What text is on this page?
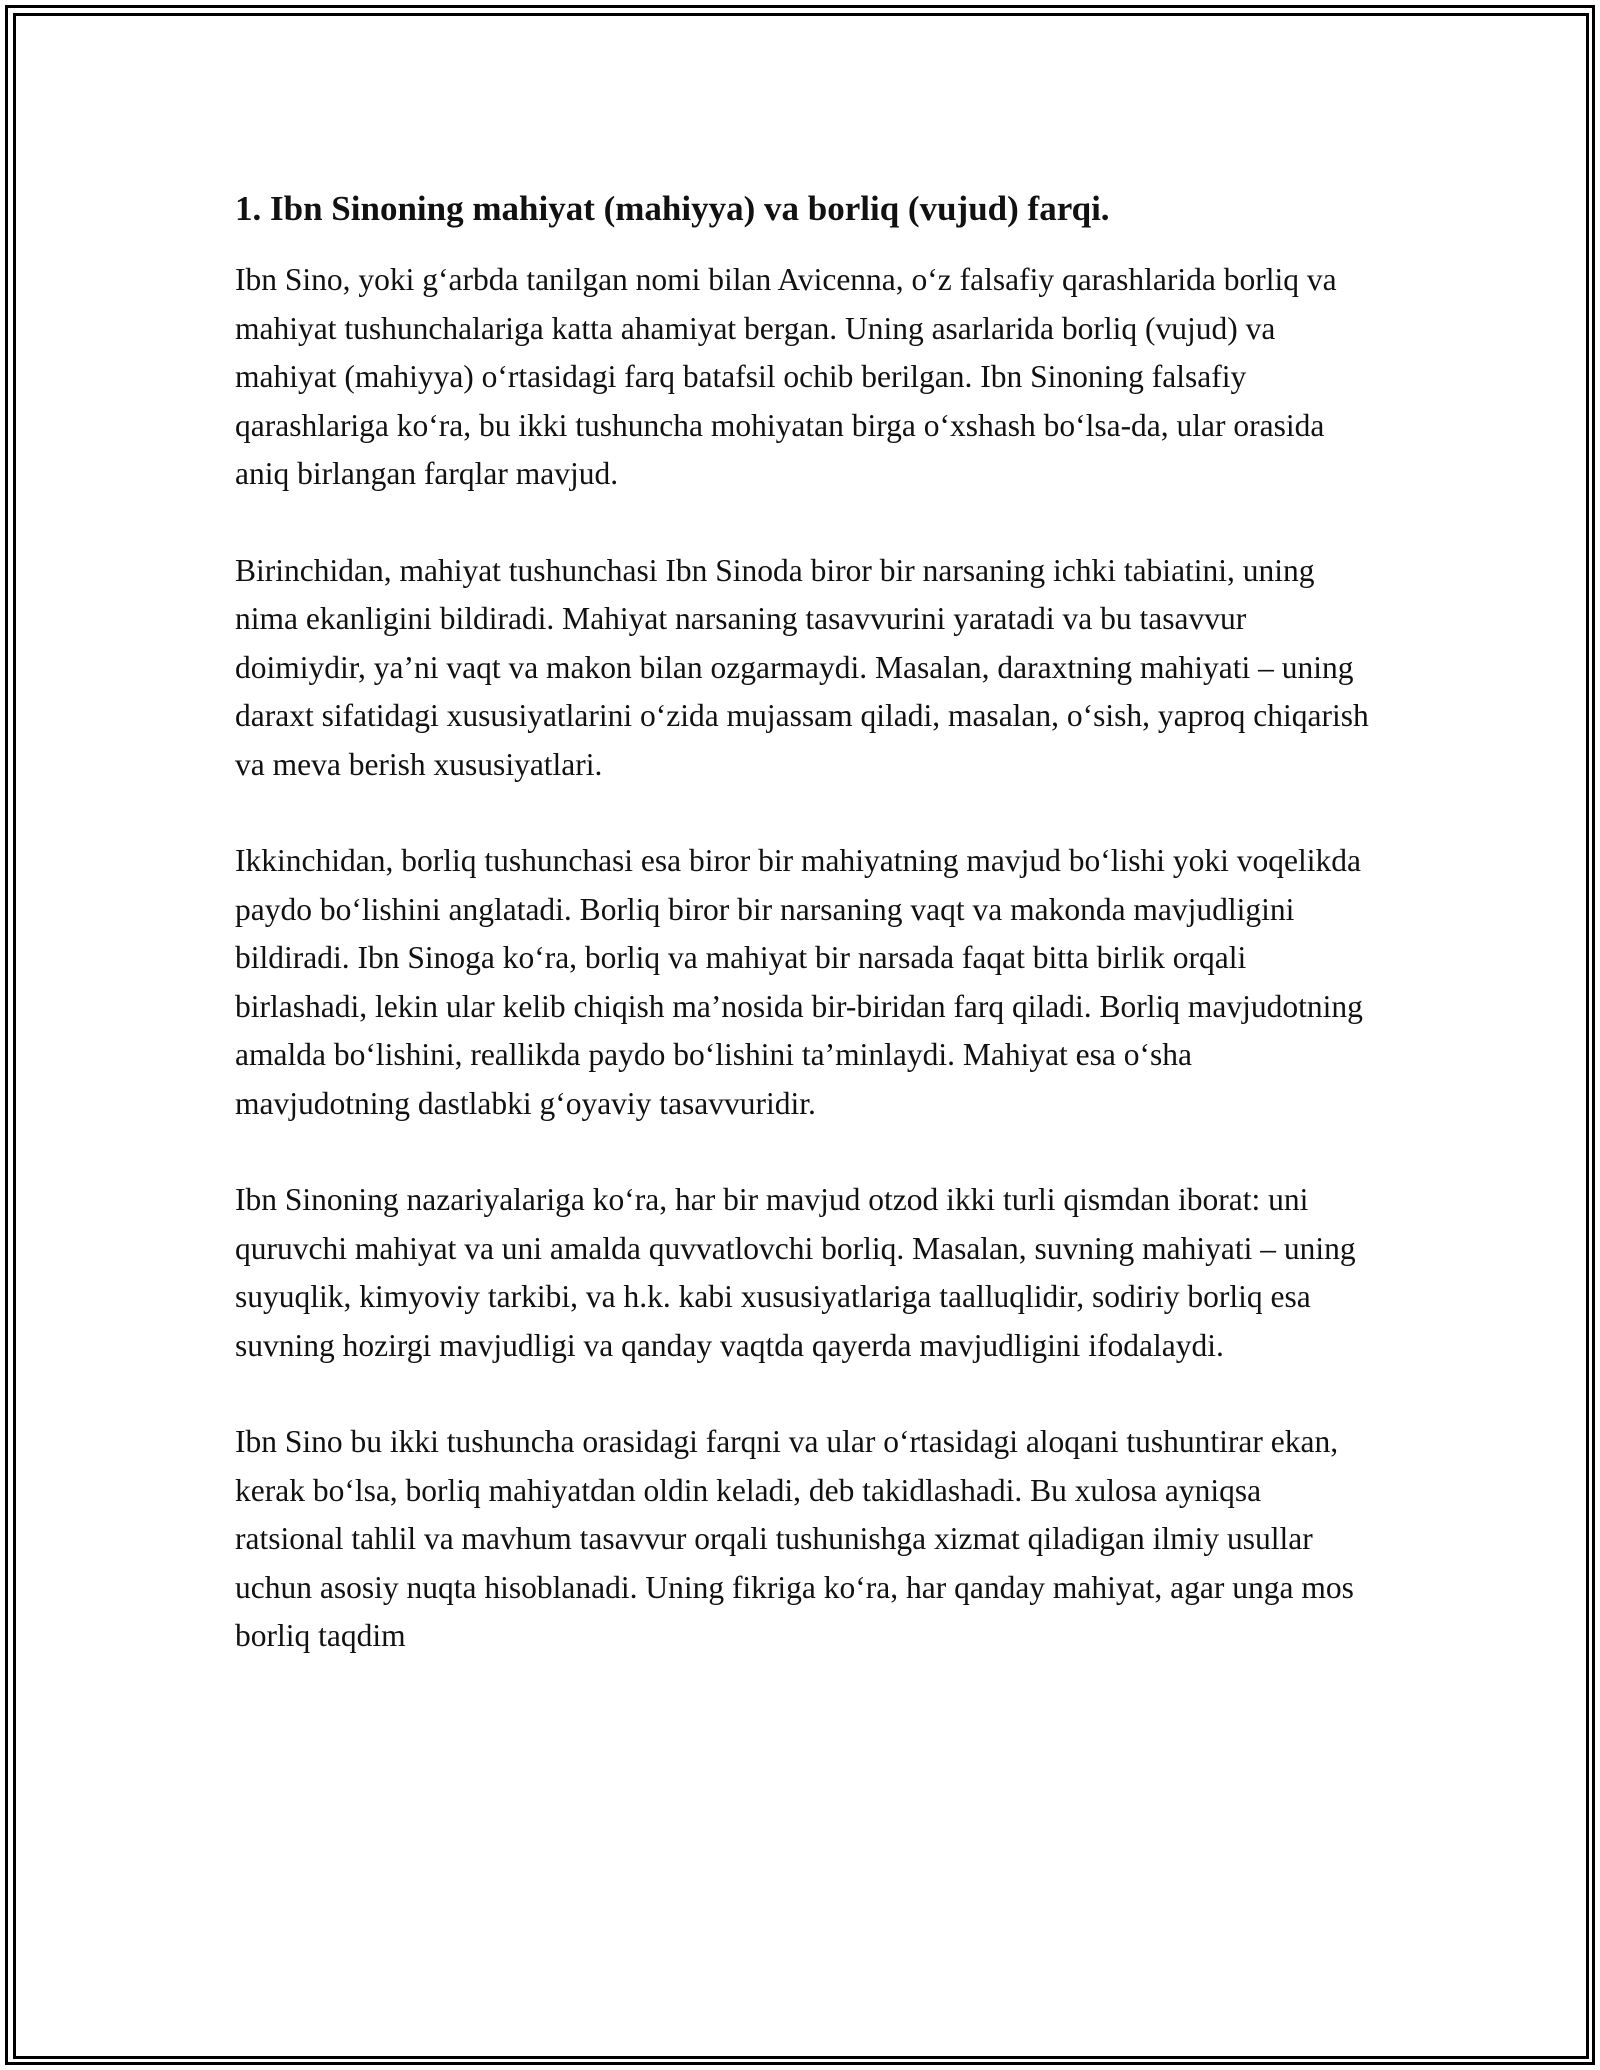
1. Ibn Sinoning mahiyat (mahiyya) va borliq (vujud) farqi.

Ibn Sino, yoki g‘arbda tanilgan nomi bilan Avicenna, o‘z falsafiy qarashlarida borliq va mahiyat tushunchalariga katta ahamiyat bergan. Uning asarlarida borliq (vujud) va mahiyat (mahiyya) o‘rtasidagi farq batafsil ochib berilgan. Ibn Sinoning falsafiy qarashlariga ko‘ra, bu ikki tushuncha mohiyatan birga o‘xshash bo‘lsa-da, ular orasida aniq birlangan farqlar mavjud.

Birinchidan, mahiyat tushunchasi Ibn Sinoda biror bir narsaning ichki tabiatini, uning nima ekanligini bildiradi. Mahiyat narsaning tasavvurini yaratadi va bu tasavvur doimiydir, ya’ni vaqt va makon bilan ozgarmaydi. Masalan, daraxtning mahiyati – uning daraxt sifatidagi xususiyatlarini o‘zida mujassam qiladi, masalan, o‘sish, yaproq chiqarish va meva berish xususiyatlari.

Ikkinchidan, borliq tushunchasi esa biror bir mahiyatning mavjud bo‘lishi yoki voqelikda paydo bo‘lishini anglatadi. Borliq biror bir narsaning vaqt va makonda mavjudligini bildiradi. Ibn Sinoga ko‘ra, borliq va mahiyat bir narsada faqat bitta birlik orqali birlashadi, lekin ular kelib chiqish ma’nosida bir-biridan farq qiladi. Borliq mavjudotning amalda bo‘lishini, reallikda paydo bo‘lishini ta’minlaydi. Mahiyat esa o‘sha mavjudotning dastlabki g‘oyaviy tasavvuridir.

Ibn Sinoning nazariyalariga ko‘ra, har bir mavjud otzod ikki turli qismdan iborat: uni quruvchi mahiyat va uni amalda quvvatlovchi borliq. Masalan, suvning mahiyati – uning suyuqlik, kimyoviy tarkibi, va h.k. kabi xususiyatlariga taalluqlidir, sodiriy borliq esa suvning hozirgi mavjudligi va qanday vaqtda qayerda mavjudligini ifodalaydi.

Ibn Sino bu ikki tushuncha orasidagi farqni va ular o‘rtasidagi aloqani tushuntirar ekan, kerak bo‘lsa, borliq mahiyatdan oldin keladi, deb takidlashadi. Bu xulosa ayniqsa ratsional tahlil va mavhum tasavvur orqali tushunishga xizmat qiladigan ilmiy usullar uchun asosiy nuqta hisoblanadi. Uning fikriga ko‘ra, har qanday mahiyat, agar unga mos borliq taqdim
